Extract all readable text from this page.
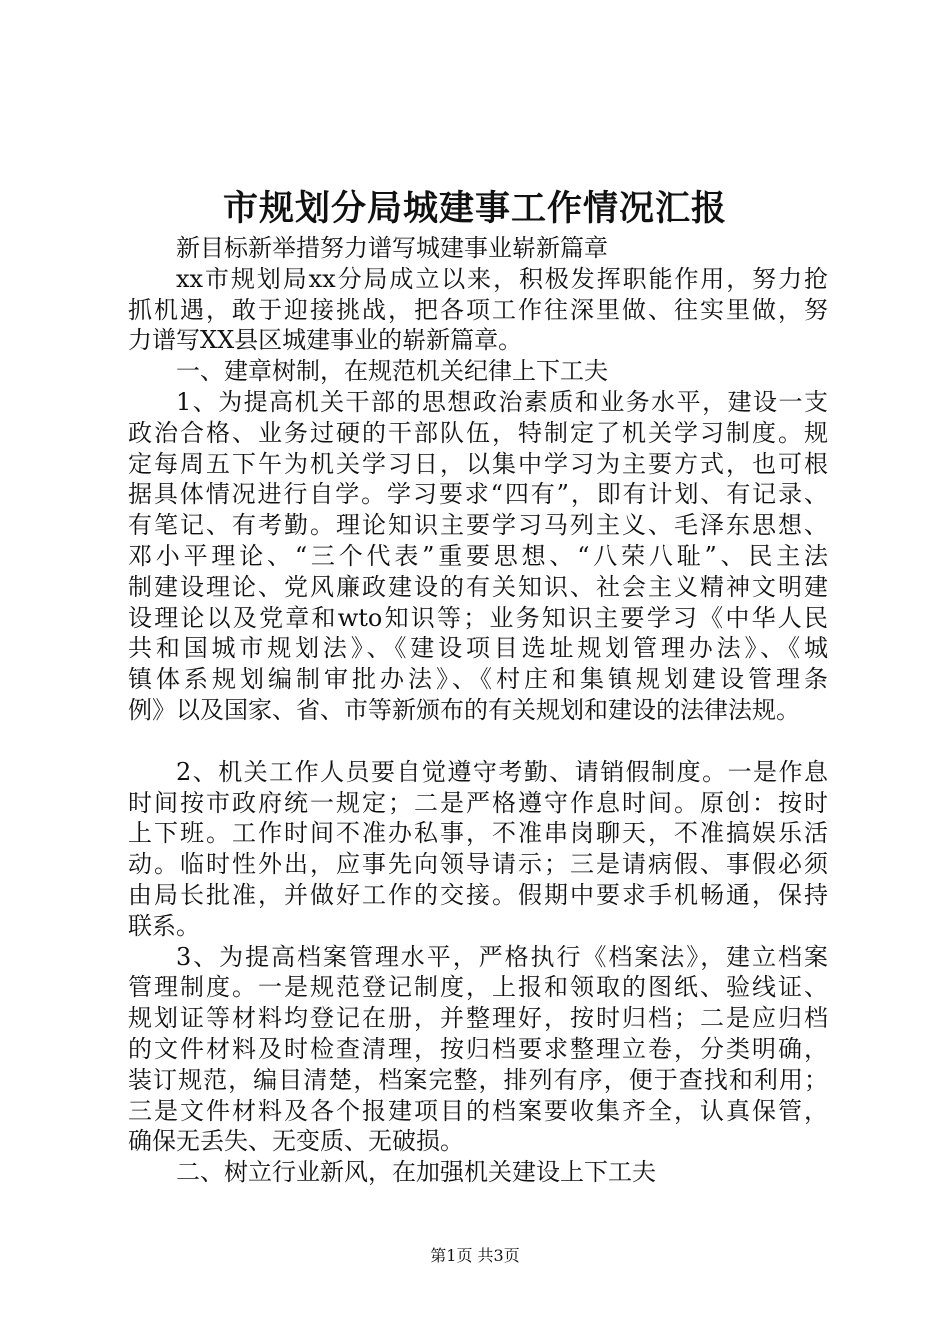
市规划分局城建事工作情况汇报
新目标新举措努力谱写城建事业崭新篇章
xx市规划局xx分局成立以来，积极发挥职能作用，努力抢
抓机遇，敢于迎接挑战，把各项工作往深里做、往实里做，努
力谱写XX县区城建事业的崭新篇章。
一、建章树制，在规范机关纪律上下工夫
1、为提高机关干部的思想政治素质和业务水平，建设一支
政治合格、业务过硬的干部队伍，特制定了机关学习制度。规
定每周五下午为机关学习日，以集中学习为主要方式，也可根
据具体情况进行自学。学习要求“四有”，即有计划、有记录、
有笔记、有考勤。理论知识主要学习马列主义、毛泽东思想、
邓小平理论、“三个代表”重要思想、“八荣八耻”、民主法
制建设理论、党风廉政建设的有关知识、社会主义精神文明建
设理论以及党章和wto知识等；业务知识主要学习《中华人民
共和国城市规划法》、《建设项目选址规划管理办法》、《城
镇体系规划编制审批办法》、《村庄和集镇规划建设管理条
例》以及国家、省、市等新颁布的有关规划和建设的法律法规。
2、机关工作人员要自觉遵守考勤、请销假制度。一是作息
时间按市政府统一规定；二是严格遵守作息时间。原创：按时
上下班。工作时间不准办私事，不准串岗聊天，不准搞娱乐活
动。临时性外出，应事先向领导请示；三是请病假、事假必须
由局长批准，并做好工作的交接。假期中要求手机畅通，保持
联系。
3、为提高档案管理水平，严格执行《档案法》，建立档案
管理制度。一是规范登记制度，上报和领取的图纸、验线证、
规划证等材料均登记在册，并整理好，按时归档；二是应归档
的文件材料及时检查清理，按归档要求整理立卷，分类明确，
装订规范，编目清楚，档案完整，排列有序，便于查找和利用；
三是文件材料及各个报建项目的档案要收集齐全，认真保管，
确保无丢失、无变质、无破损。
二、树立行业新风，在加强机关建设上下工夫
第1页 共3页
